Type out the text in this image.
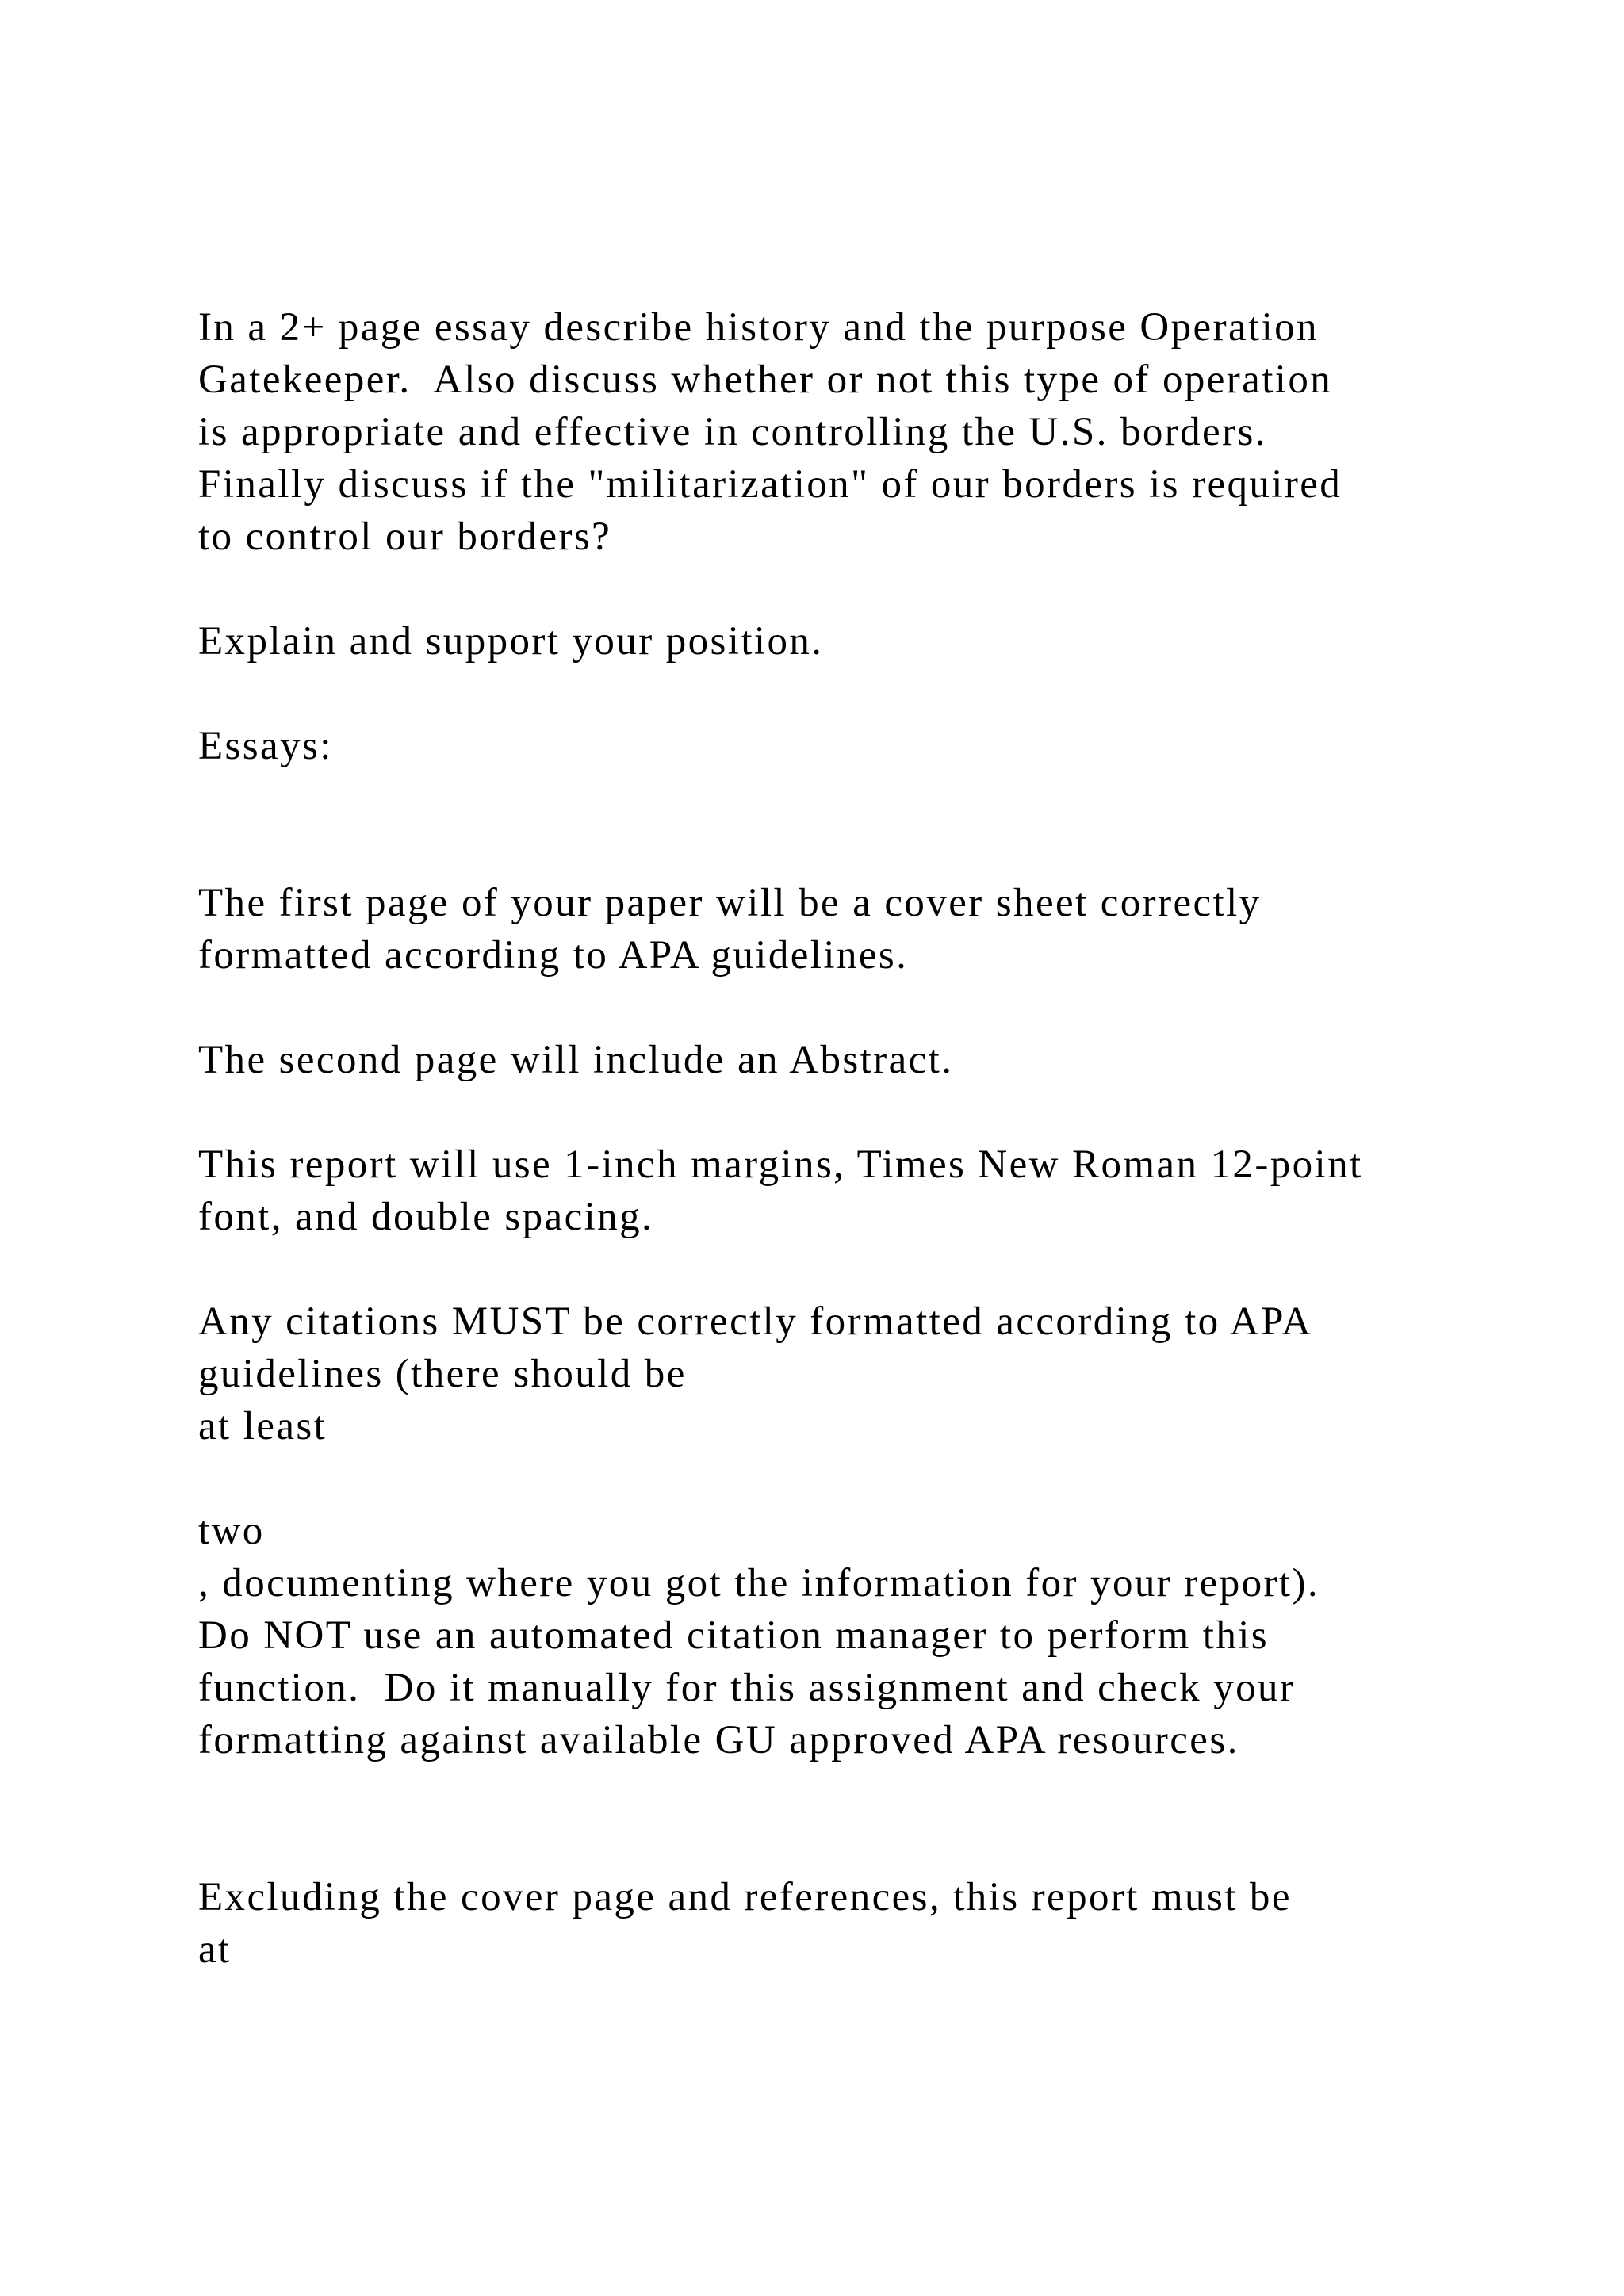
In a 2+ page essay describe history and the purpose Operation
Gatekeeper.  Also discuss whether or not this type of operation
is appropriate and effective in controlling the U.S. borders.
Finally discuss if the "militarization" of our borders is required
to control our borders?
Explain and support your position.
Essays:
The first page of your paper will be a cover sheet correctly
formatted according to APA guidelines.
The second page will include an Abstract.
This report will use 1-inch margins, Times New Roman 12-point
font, and double spacing.
Any citations MUST be correctly formatted according to APA
guidelines (there should be
at least
two
, documenting where you got the information for your report).
Do NOT use an automated citation manager to perform this
function.  Do it manually for this assignment and check your
formatting against available GU approved APA resources.
Excluding the cover page and references, this report must be
at
